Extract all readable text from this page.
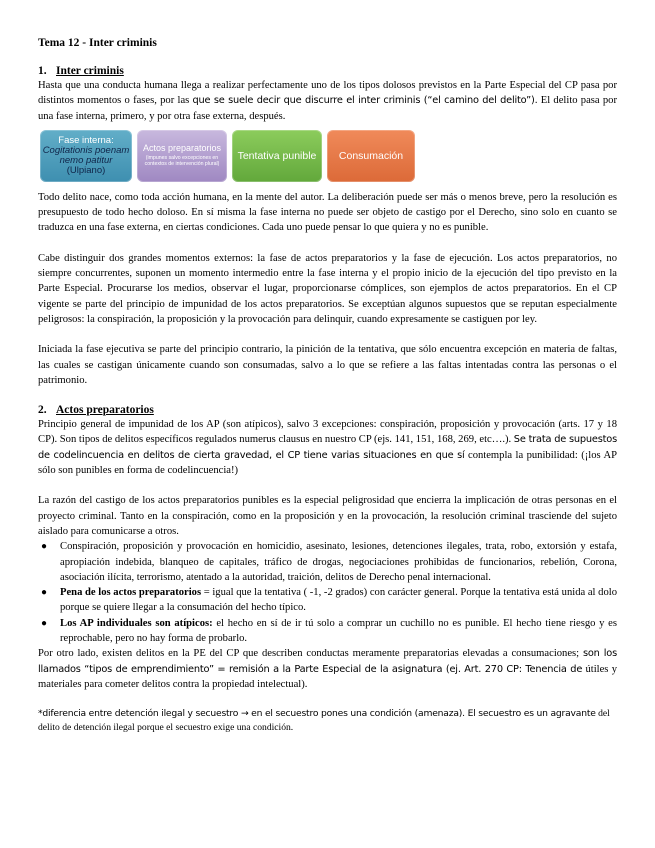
Tema 12 - Inter criminis
1. Inter criminis

Hasta que una conducta humana llega a realizar perfectamente uno de los tipos dolosos previstos en la Parte Especial del CP pasa por distintos momentos o fases, por las que se suele decir que discurre el inter criminis (“el camino del delito”). El delito pasa por una fase interna, primero, y por otra fase externa, después.

Fase interna:
Cogitationis poenam nemo patitur
(Ulpiano)
Actos preparatorios
(impunes salvo excepciones en contextos de intervención plural)
Tentativa punible	Consumación

Todo delito nace, como toda acción humana, en la mente del autor. La deliberación puede ser más o menos breve, pero la resolución es presupuesto de todo hecho doloso. En sí misma la fase interna no puede ser objeto de castigo por el Derecho, sino solo en cuanto se traduzca en una fase externa, en ciertas condiciones. Cada uno puede pensar lo que quiera y no es punible.

Cabe distinguir dos grandes momentos externos: la fase de actos preparatorios y la fase de ejecución. Los actos preparatorios, no siempre concurrentes, suponen un momento intermedio entre la fase interna y el propio inicio de la ejecución del tipo previsto en la Parte Especial. Procurarse los medios, observar el lugar, proporcionarse cómplices, son ejemplos de actos preparatorios. En el CP vigente se parte del principio de impunidad de los actos preparatorios. Se exceptúan algunos supuestos que se reputan especialmente peligrosos: la conspiración, la proposición y la provocación para delinquir, cuando expresamente se castiguen por ley.

Iniciada la fase ejecutiva se parte del principio contrario, la pinición de la tentativa, que sólo encuentra excepción en materia de faltas, las cuales se castigan únicamente cuando son consumadas, salvo a lo que se refiere a las faltas intentadas contra las personas o el patrimonio.

2. Actos preparatorios

Principio general de impunidad de los AP (son atípicos), salvo 3 excepciones: conspiración, proposición y provocación (arts. 17 y 18 CP). Son tipos de delitos específicos regulados numerus clausus en nuestro CP (ejs. 141, 151, 168, 269, etc….). Se trata de supuestos de codelincuencia en delitos de cierta gravedad, el CP tiene varias situaciones en que sí contempla la punibilidad: (¡los AP sólo son punibles en forma de codelincuencia!)

La razón del castigo de los actos preparatorios punibles es la especial peligrosidad que encierra la implicación de otras personas en el proyecto criminal. Tanto en la conspiración, como en la proposición y en la provocación, la resolución criminal trasciende del sujeto aislado para comunicarse a otros.

● Conspiración, proposición y provocación en homicidio, asesinato, lesiones, detenciones ilegales, trata, robo, extorsión y estafa, apropiación indebida, blanqueo de capitales, tráfico de drogas, negociaciones prohibidas de funcionarios, rebelión, Corona, asociación ilícita, terrorismo, atentado a la autoridad, traición, delitos de Derecho penal internacional.
● Pena de los actos preparatorios = igual que la tentativa ( -1, -2 grados) con carácter general. Porque la tentativa está unida al dolo porque se quiere llegar a la consumación del hecho típico.
● Los AP individuales son atípicos: el hecho en sí de ir tú solo a comprar un cuchillo no es punible. El hecho tiene riesgo y es reprochable, pero no hay forma de probarlo.

Por otro lado, existen delitos en la PE del CP que describen conductas meramente preparatorias elevadas a consumaciones; son los llamados “tipos de emprendimiento” = remisión a la Parte Especial de la asignatura (ej. Art. 270 CP: Tenencia de útiles y materiales para cometer delitos contra la propiedad intelectual).

*diferencia entre detención ilegal y secuestro → en el secuestro pones una condición (amenaza). El secuestro es un agravante del delito de detención ilegal porque el secuestro exige una condición.
